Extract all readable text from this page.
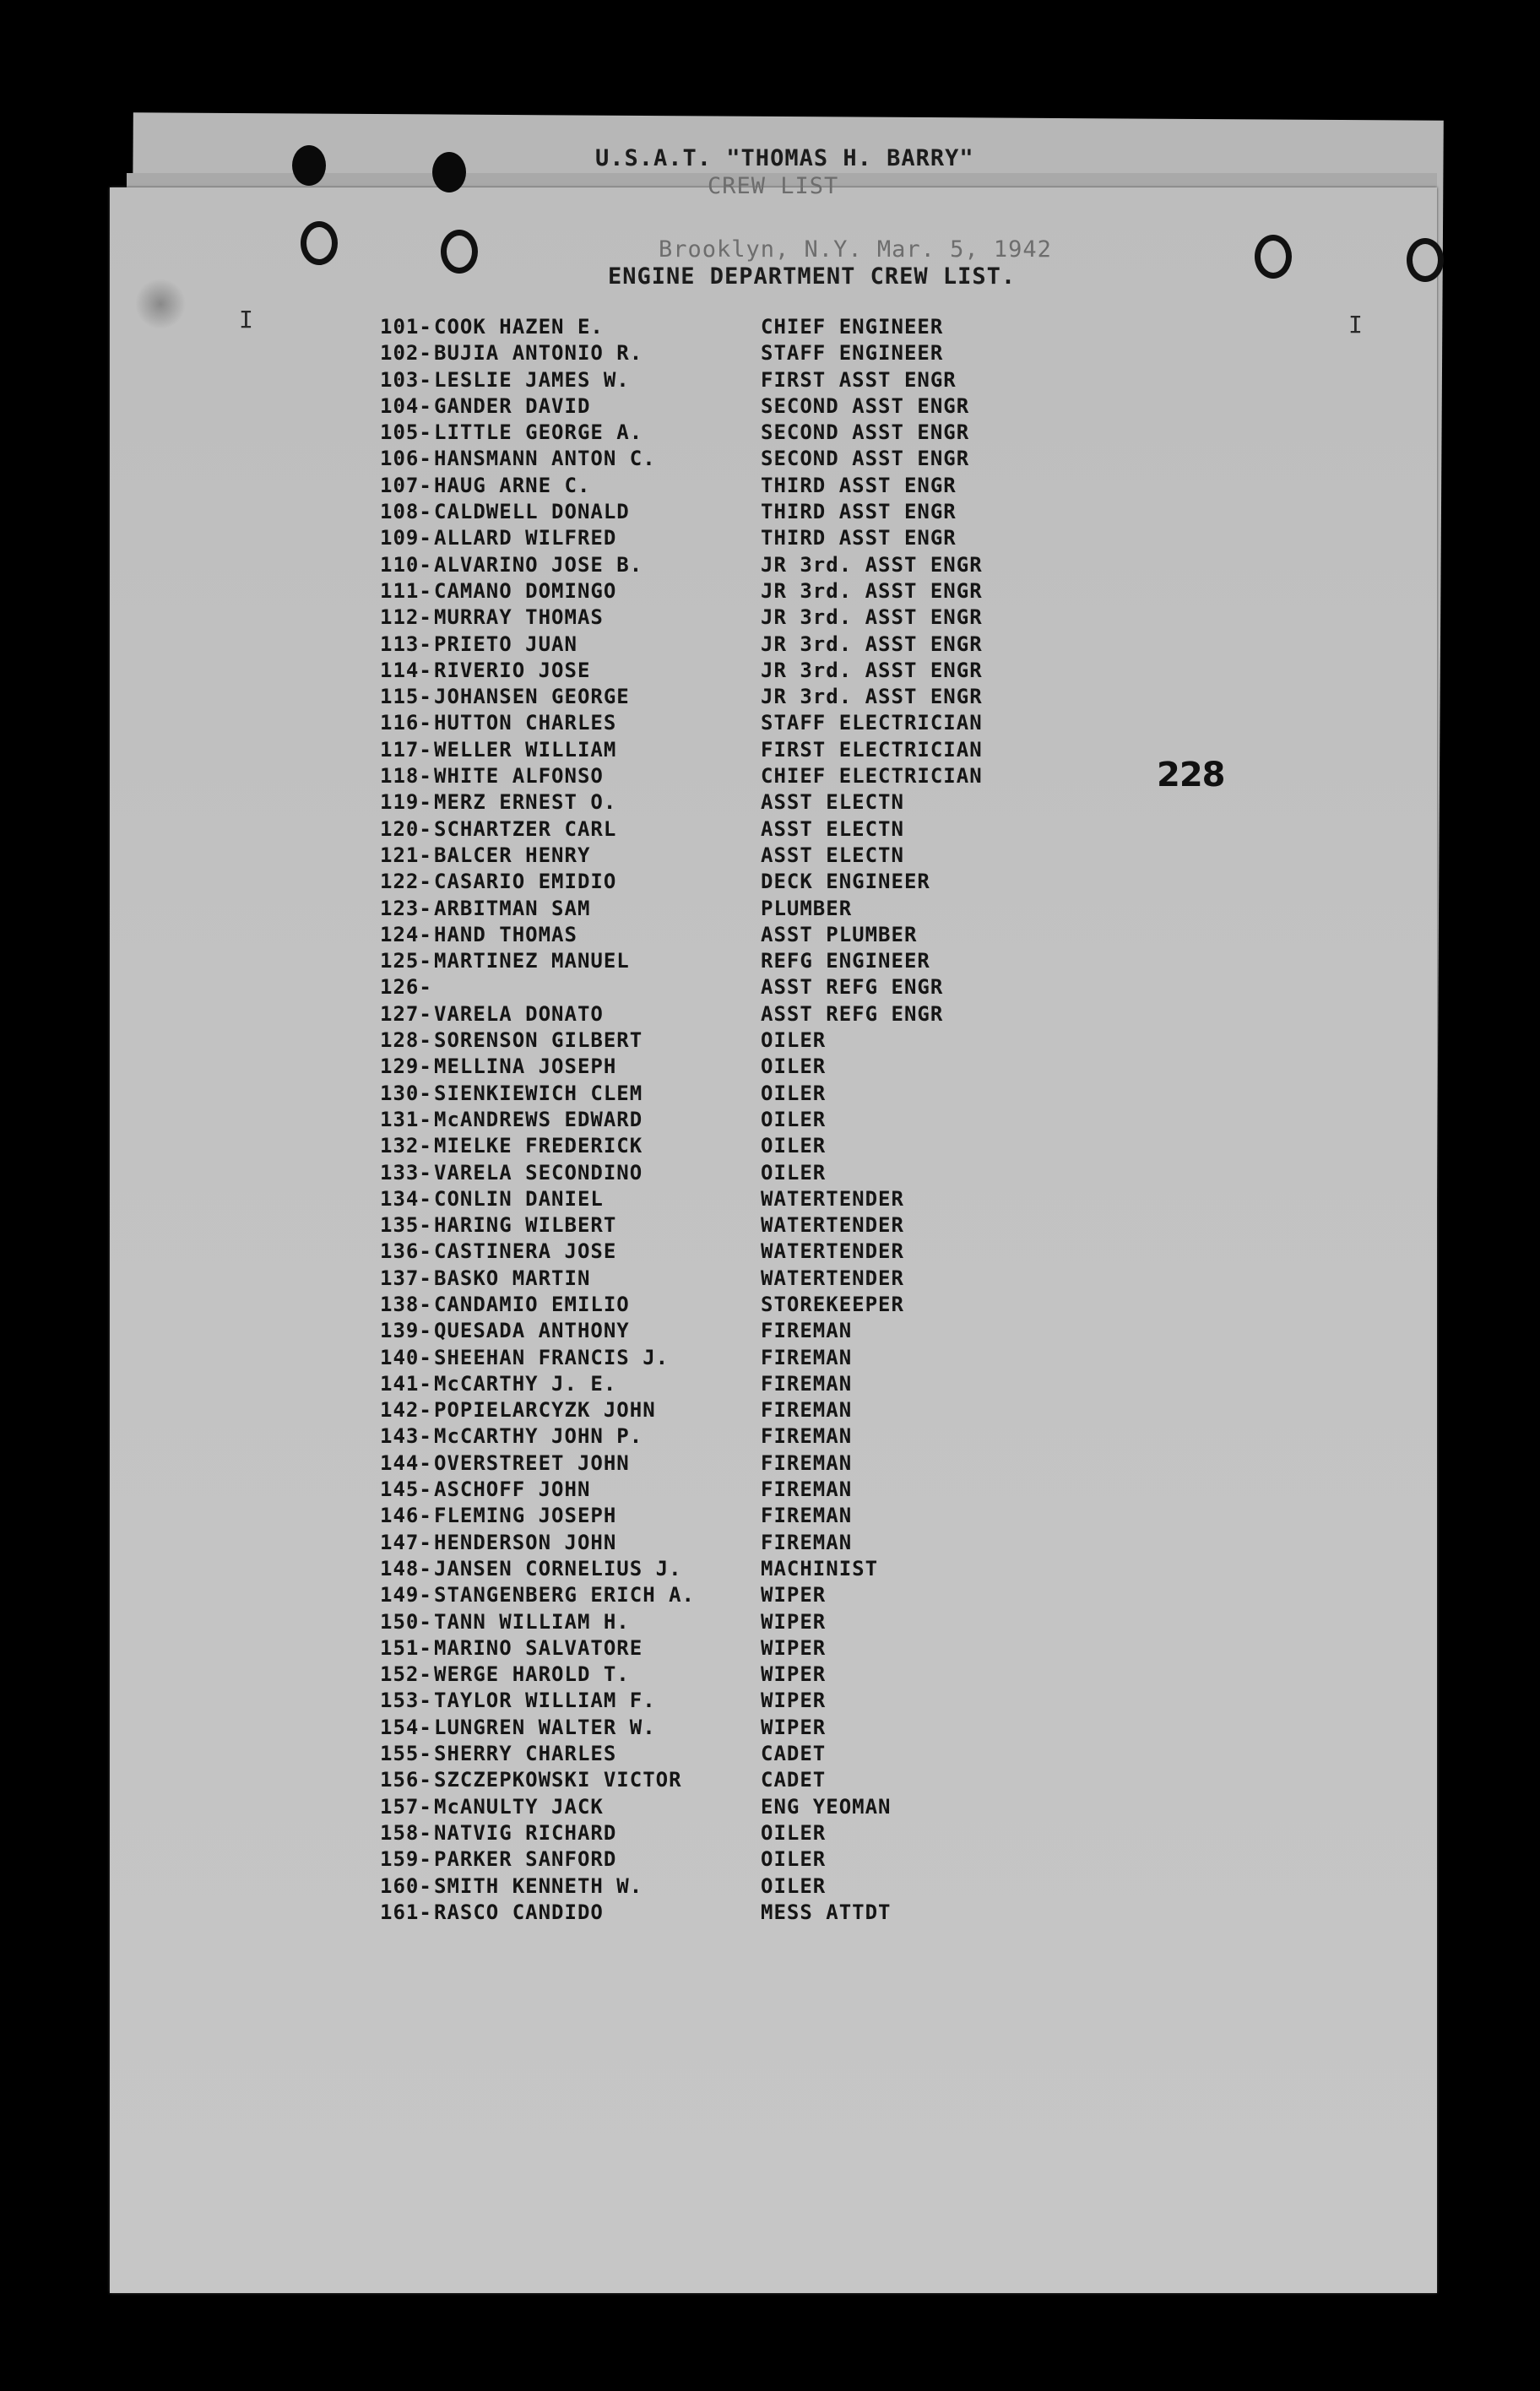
U.S.A.T. "THOMAS H. BARRY"
CREW LIST
Brooklyn, N.Y. Mar. 5, 1942
ENGINE DEPARTMENT CREW LIST.
I	I
228
101- COOK HAZEN E.	CHIEF ENGINEER
102- BUJIA ANTONIO R.	STAFF ENGINEER
103- LESLIE JAMES W.	FIRST ASST ENGR
104- GANDER DAVID	SECOND ASST ENGR
105- LITTLE GEORGE A.	SECOND ASST ENGR
106- HANSMANN ANTON C.	SECOND ASST ENGR
107- HAUG ARNE C.	THIRD ASST ENGR
108- CALDWELL DONALD	THIRD ASST ENGR
109- ALLARD WILFRED	THIRD ASST ENGR
110- ALVARINO JOSE B.	JR 3rd. ASST ENGR
111- CAMANO DOMINGO	JR 3rd. ASST ENGR
112- MURRAY THOMAS	JR 3rd. ASST ENGR
113- PRIETO JUAN	JR 3rd. ASST ENGR
114- RIVERIO JOSE	JR 3rd. ASST ENGR
115- JOHANSEN GEORGE	JR 3rd. ASST ENGR
116- HUTTON CHARLES	STAFF ELECTRICIAN
117- WELLER WILLIAM	FIRST ELECTRICIAN
118- WHITE ALFONSO	CHIEF ELECTRICIAN
119- MERZ ERNEST O.	ASST ELECTN
120- SCHARTZER CARL	ASST ELECTN
121- BALCER HENRY	ASST ELECTN
122- CASARIO EMIDIO	DECK ENGINEER
123- ARBITMAN SAM	PLUMBER
124- HAND THOMAS	ASST PLUMBER
125- MARTINEZ MANUEL	REFG ENGINEER
126-	ASST REFG ENGR
127- VARELA DONATO	ASST REFG ENGR
128- SORENSON GILBERT	OILER
129- MELLINA JOSEPH	OILER
130- SIENKIEWICH CLEM	OILER
131- McANDREWS EDWARD	OILER
132- MIELKE FREDERICK	OILER
133- VARELA SECONDINO	OILER
134- CONLIN DANIEL	WATERTENDER
135- HARING WILBERT	WATERTENDER
136- CASTINERA JOSE	WATERTENDER
137- BASKO MARTIN	WATERTENDER
138- CANDAMIO EMILIO	STOREKEEPER
139- QUESADA ANTHONY	FIREMAN
140- SHEEHAN FRANCIS J.	FIREMAN
141- McCARTHY J. E.	FIREMAN
142- POPIELARCYZK JOHN	FIREMAN
143- McCARTHY JOHN P.	FIREMAN
144- OVERSTREET JOHN	FIREMAN
145- ASCHOFF JOHN	FIREMAN
146- FLEMING JOSEPH	FIREMAN
147- HENDERSON JOHN	FIREMAN
148- JANSEN CORNELIUS J.	MACHINIST
149- STANGENBERG ERICH A.	WIPER
150- TANN WILLIAM H.	WIPER
151- MARINO SALVATORE	WIPER
152- WERGE HAROLD T.	WIPER
153- TAYLOR WILLIAM F.	WIPER
154- LUNGREN WALTER W.	WIPER
155- SHERRY CHARLES	CADET
156- SZCZEPKOWSKI VICTOR	CADET
157- McANULTY JACK	ENG YEOMAN
158- NATVIG RICHARD	OILER
159- PARKER SANFORD	OILER
160- SMITH KENNETH W.	OILER
161- RASCO CANDIDO	MESS ATTDT
